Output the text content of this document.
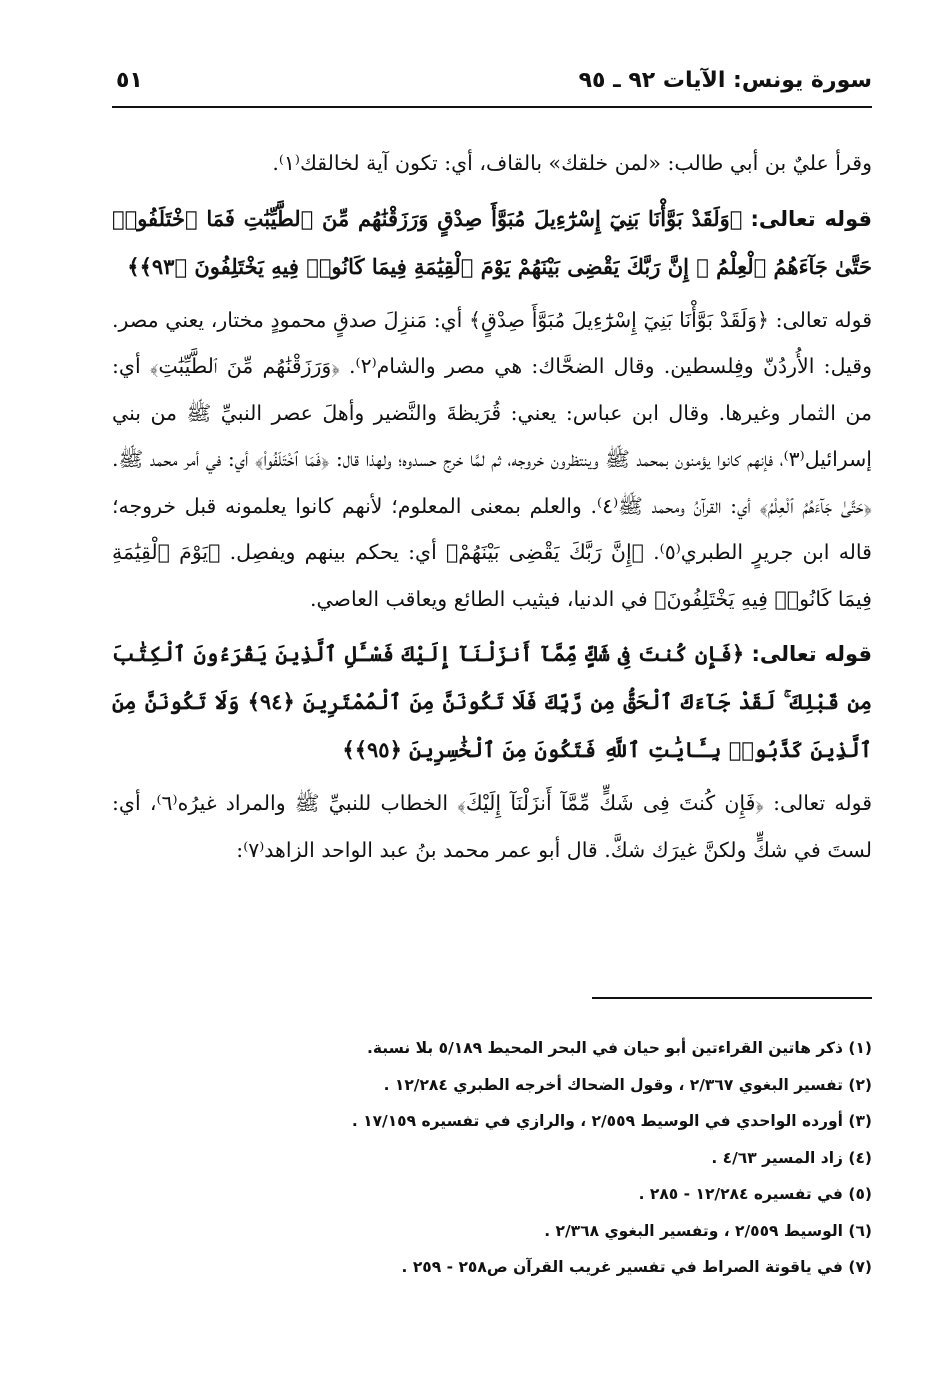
سورة يونس: الآيات ٩٢ ـ ٩٥
٥١

وقرأ عليٌ بن أبي طالب: «لمن خلقك» بالقاف، أي: تكون آية لخالقك⁽١⁾.

قوله تعالى: ﴿وَلَقَدْ بَوَّأْنَا بَنِيٓ إِسْرَٰٓءِيلَ مُبَوَّأَ صِدْقٍ وَرَزَقْنَٰهُم مِّنَ ٱلطَّيِّبَٰتِ فَمَا ٱخْتَلَفُوا۟ حَتَّىٰ جَآءَهُمُ ٱلْعِلْمُ ۚ إِنَّ رَبَّكَ يَقْضِى بَيْنَهُمْ يَوْمَ ٱلْقِيَٰمَةِ فِيمَا كَانُوا۟ فِيهِ يَخْتَلِفُونَ ﴿٩٣﴾﴾

قوله تعالى: ﴿وَلَقَدْ بَوَّأْنَا بَنِيٓ إِسْرَٰٓءِيلَ مُبَوَّأَ صِدْقٍ﴾ أي: مَنزِلَ صدقٍ محمودٍ مختار، يعني مصر. وقيل: الأُردُنّ وفِلسطين. وقال الضحَّاك: هي مصر والشام⁽٢⁾. ﴿وَرَزَقْنَٰهُم مِّنَ ٱلطَّيِّبَٰتِ﴾ أي: من الثمار وغيرها. وقال ابن عباس: يعني: قُرَيظةَ والنَّضير وأهلَ عصر النبيِّ ﷺ من بني إسرائيل⁽٣⁾، فإنهم كانوا يؤمنون بمحمد ﷺ وينتظرون خروجه، ثم لمَّا خرج حسدوه؛ ولهذا قال: ﴿فَمَا ٱخْتَلَفُوا۟﴾ أي: في أمر محمد ﷺ. ﴿حَتَّىٰ جَآءَهُمُ ٱلْعِلْمُ﴾ أي: القرآنُ ومحمد ﷺ⁽٤⁾. والعلم بمعنى المعلوم؛ لأنهم كانوا يعلمونه قبل خروجه؛ قاله ابن جريرٍ الطبري⁽٥⁾. ﴿إِنَّ رَبَّكَ يَقْضِى بَيْنَهُمْ﴾ أي: يحكم بينهم ويفصِل. ﴿يَوْمَ ٱلْقِيَٰمَةِ فِيمَا كَانُوا۟ فِيهِ يَخْتَلِفُونَ﴾ في الدنيا، فيثيب الطائع ويعاقب العاصي.

قوله تعالى: ﴿فَإِن كُنتَ فِى شَكٍّ مِّمَّآ أَنزَلْنَآ إِلَيْكَ فَسْـَٔلِ ٱلَّذِينَ يَقْرَءُونَ ٱلْكِتَٰبَ مِن قَبْلِكَ ۚ لَقَدْ جَآءَكَ ٱلْحَقُّ مِن رَّبِّكَ فَلَا تَكُونَنَّ مِنَ ٱلْمُمْتَرِينَ ﴿٩٤﴾ وَلَا تَكُونَنَّ مِنَ ٱلَّذِينَ كَذَّبُوا۟ بِـَٔايَٰتِ ٱللَّهِ فَتَكُونَ مِنَ ٱلْخَٰسِرِينَ ﴿٩٥﴾﴾

قوله تعالى: ﴿فَإِن كُنتَ فِى شَكٍّ مِّمَّآ أَنزَلْنَآ إِلَيْكَ﴾ الخطاب للنبيِّ ﷺ والمراد غيرُه⁽٦⁾، أي: لستَ في شكٍّ ولكنَّ غيرَك شكَّ. قال أبو عمر محمد بنُ عبد الواحد الزاهد⁽٧⁾:

(١) ذكر هاتين القراءتين أبو حيان في البحر المحيط ٥/١٨٩ بلا نسبة.
(٢) تفسير البغوي ٢/٣٦٧ ، وقول الضحاك أخرجه الطبري ١٢/٢٨٤ .
(٣) أورده الواحدي في الوسيط ٢/٥٥٩ ، والرازي في تفسيره ١٧/١٥٩ .
(٤) زاد المسير ٤/٦٣ .
(٥) في تفسيره ١٢/٢٨٤ - ٢٨٥ .
(٦) الوسيط ٢/٥٥٩ ، وتفسير البغوي ٢/٣٦٨ .
(٧) في ياقوتة الصراط في تفسير غريب القرآن ص٢٥٨ - ٢٥٩ .
